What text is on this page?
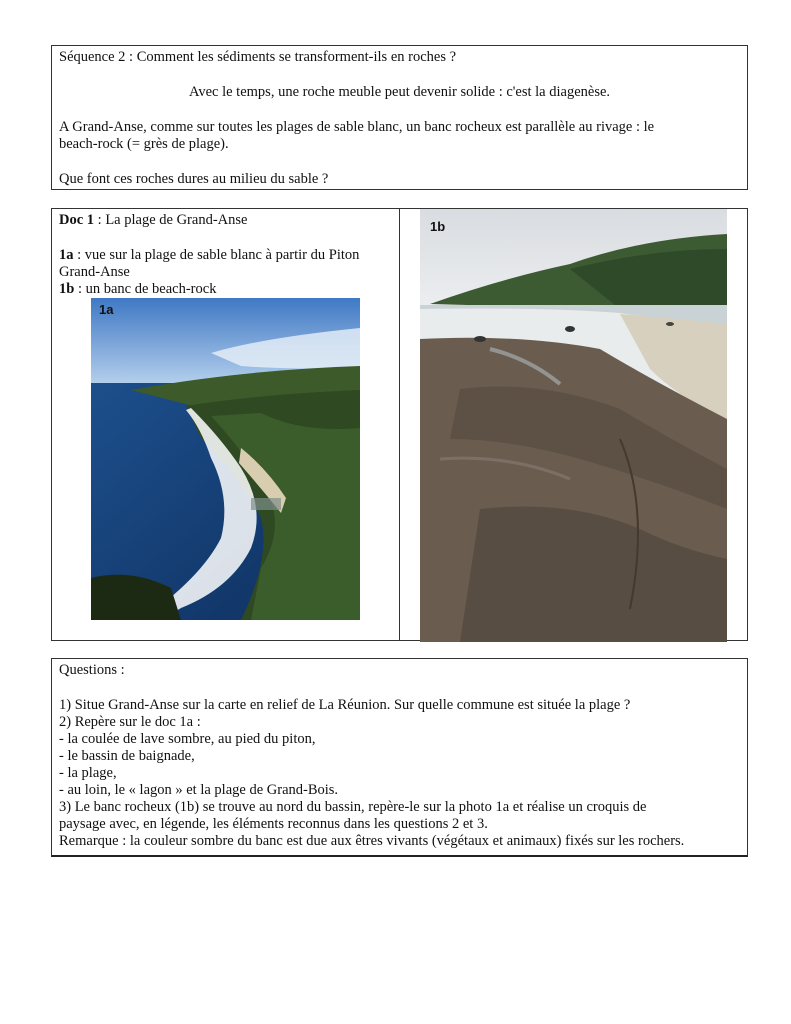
Séquence 2 : Comment les sédiments se transforment-ils en roches ?
Avec le temps, une roche meuble peut devenir solide : c'est la diagenèse.
A Grand-Anse, comme sur toutes les plages de sable blanc, un banc rocheux est parallèle au rivage : le
beach-rock (= grès de plage).
Que font ces roches dures au milieu du sable ?
Doc 1 : La plage de Grand-Anse
1a : vue sur la plage de sable blanc à partir du Piton
Grand-Anse
1b : un banc de beach-rock
1a
1b
Questions :
1) Situe Grand-Anse sur la carte en relief de La Réunion. Sur quelle commune est située la plage ?
2) Repère sur le doc 1a :
- la coulée de lave sombre, au pied du piton,
- le bassin de baignade,
- la plage,
- au loin, le « lagon » et la plage de Grand-Bois.
3) Le banc rocheux (1b) se trouve au nord du bassin, repère-le sur la photo 1a et réalise un croquis de
paysage avec, en légende, les éléments reconnus dans les questions 2 et 3.
Remarque : la couleur sombre du banc est due aux êtres vivants (végétaux et animaux) fixés sur les rochers.
